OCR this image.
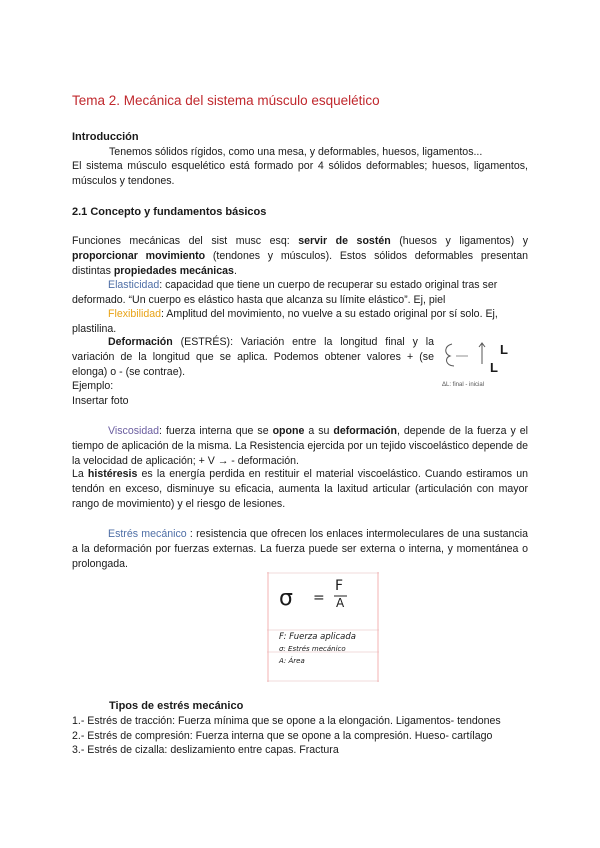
Tema 2. Mecánica del sistema músculo esquelético
Introducción
Tenemos sólidos rígidos, como una mesa, y deformables, huesos, ligamentos...
El sistema músculo esquelético está formado por 4 sólidos deformables; huesos, ligamentos, músculos y tendones.
2.1 Concepto y fundamentos básicos
Funciones mecánicas del sist musc esq: servir de sostén (huesos y ligamentos) y proporcionar movimiento (tendones y músculos). Estos sólidos deformables presentan distintas propiedades mecánicas.
Elasticidad: capacidad que tiene un cuerpo de recuperar su estado original tras ser deformado. “Un cuerpo es elástico hasta que alcanza su límite elástico”. Ej, piel
Flexibilidad: Amplitud del movimiento, no vuelve a su estado original por sí solo. Ej, plastilina.
Deformación (ESTRÉS): Variación entre la longitud final y la variación de la longitud que se aplica. Podemos obtener valores + (se elonga) o - (se contrae).
Ejemplo:
Insertar foto
L
L
ΔL: final - inicial
Viscosidad: fuerza interna que se opone a su deformación, depende de la fuerza y el tiempo de aplicación de la misma. La Resistencia ejercida por un tejido viscoelástico depende de la velocidad de aplicación; + V → - deformación.
La histéresis es la energía perdida en restituir el material viscoelástico. Cuando estiramos un tendón en exceso, disminuye su eficacia, aumenta la laxitud articular (articulación con mayor rango de movimiento) y el riesgo de lesiones.
Estrés mecánico : resistencia que ofrecen los enlaces intermoleculares de una sustancia a la deformación por fuerzas externas. La fuerza puede ser externa o interna, y momentánea o prolongada.
σ =
F
A
F: Fuerza aplicada
σ: Estrés mecánico
A: Área
Tipos de estrés mecánico
1.- Estrés de tracción: Fuerza mínima que se opone a la elongación. Ligamentos- tendones
2.- Estrés de compresión: Fuerza interna que se opone a la compresión. Hueso- cartílago
3.- Estrés de cizalla: deslizamiento entre capas. Fractura
